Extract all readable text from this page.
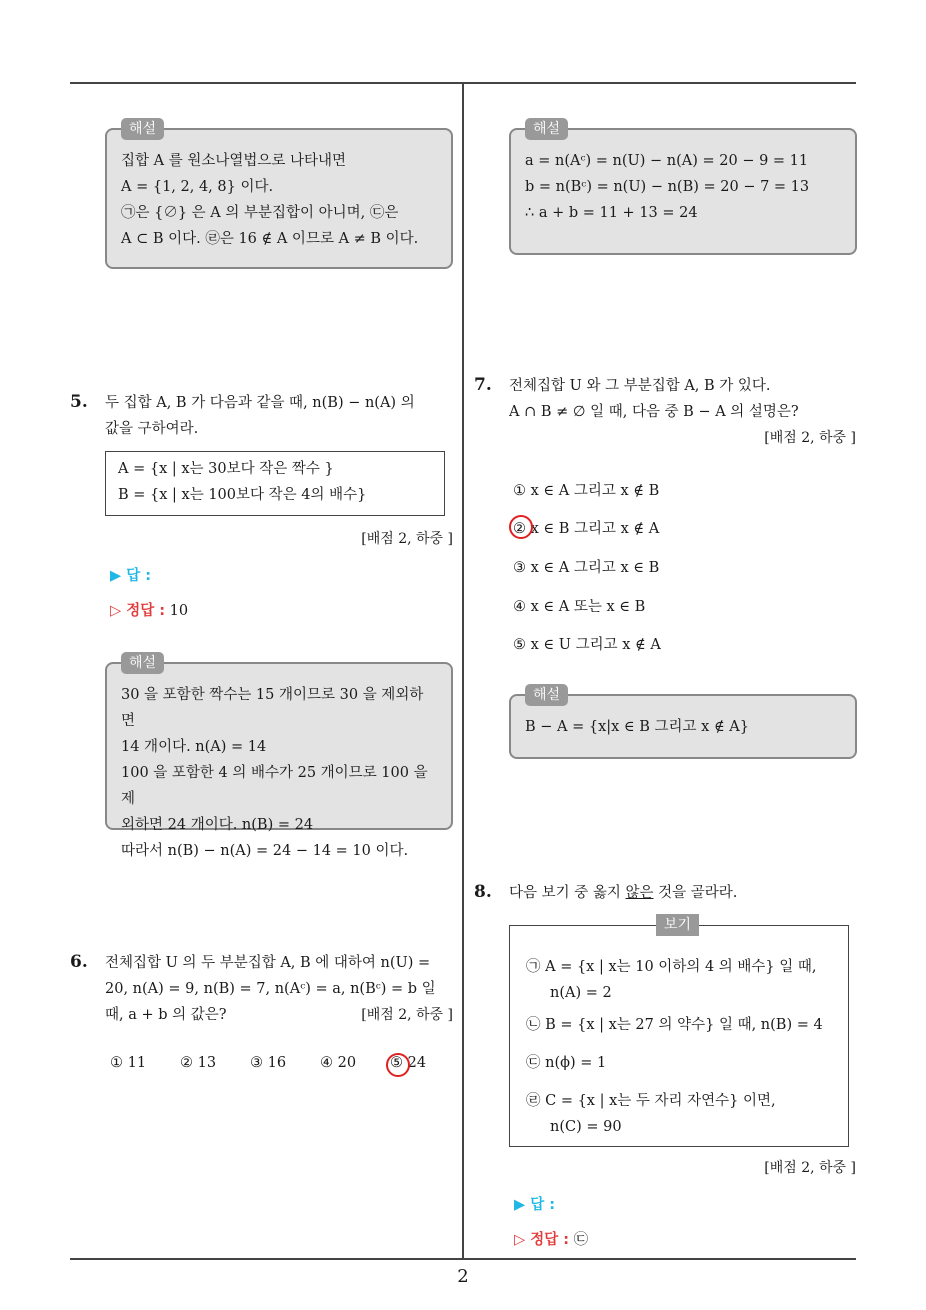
해설
집합 A 를 원소나열법으로 나타내면
A = {1, 2, 4, 8} 이다.
㉠은 {∅} 은 A 의 부분집합이 아니며, ㉢은
A ⊂ B 이다. ㉣은 16 ∉ A 이므로 A ≠ B 이다.
해설
a = n(Aᶜ) = n(U) − n(A) = 20 − 9 = 11
b = n(Bᶜ) = n(U) − n(B) = 20 − 7 = 13
∴ a + b = 11 + 13 = 24
5. 두 집합 A, B 가 다음과 같을 때, n(B) − n(A) 의
값을 구하여라.
A = {x | x는 30보다 작은 짝수 }
B = {x | x는 100보다 작은 4의 배수}
[배점 2, 하중 ]
▶ 답 :
▷ 정답 : 10
해설
30 을 포함한 짝수는 15 개이므로 30 을 제외하면
14 개이다. n(A) = 14
100 을 포함한 4 의 배수가 25 개이므로 100 을 제
외하면 24 개이다. n(B) = 24
따라서 n(B) − n(A) = 24 − 14 = 10 이다.
6. 전체집합 U 의 두 부분집합 A, B 에 대하여 n(U) =
20, n(A) = 9, n(B) = 7, n(Aᶜ) = a, n(Bᶜ) = b 일
때, a + b 의 값은?	[배점 2, 하중 ]
① 11 ② 13 ③ 16 ④ 20 ⑤ 24
7. 전체집합 U 와 그 부분집합 A, B 가 있다.
A ∩ B ≠ ∅ 일 때, 다음 중 B − A 의 설명은?
[배점 2, 하중 ]
① x ∈ A 그리고 x ∉ B
② x ∈ B 그리고 x ∉ A
③ x ∈ A 그리고 x ∈ B
④ x ∈ A 또는 x ∈ B
⑤ x ∈ U 그리고 x ∉ A
해설
B − A = {x|x ∈ B 그리고 x ∉ A}
8. 다음 보기 중 옳지 않은 것을 골라라.
보기
㉠ A = {x | x는 10 이하의 4 의 배수} 일 때,
n(A) = 2
㉡ B = {x | x는 27 의 약수} 일 때, n(B) = 4
㉢ n(ϕ) = 1
㉣ C = {x | x는 두 자리 자연수} 이면,
n(C) = 90
[배점 2, 하중 ]
▶ 답 :
▷ 정답 : ㉢
2
